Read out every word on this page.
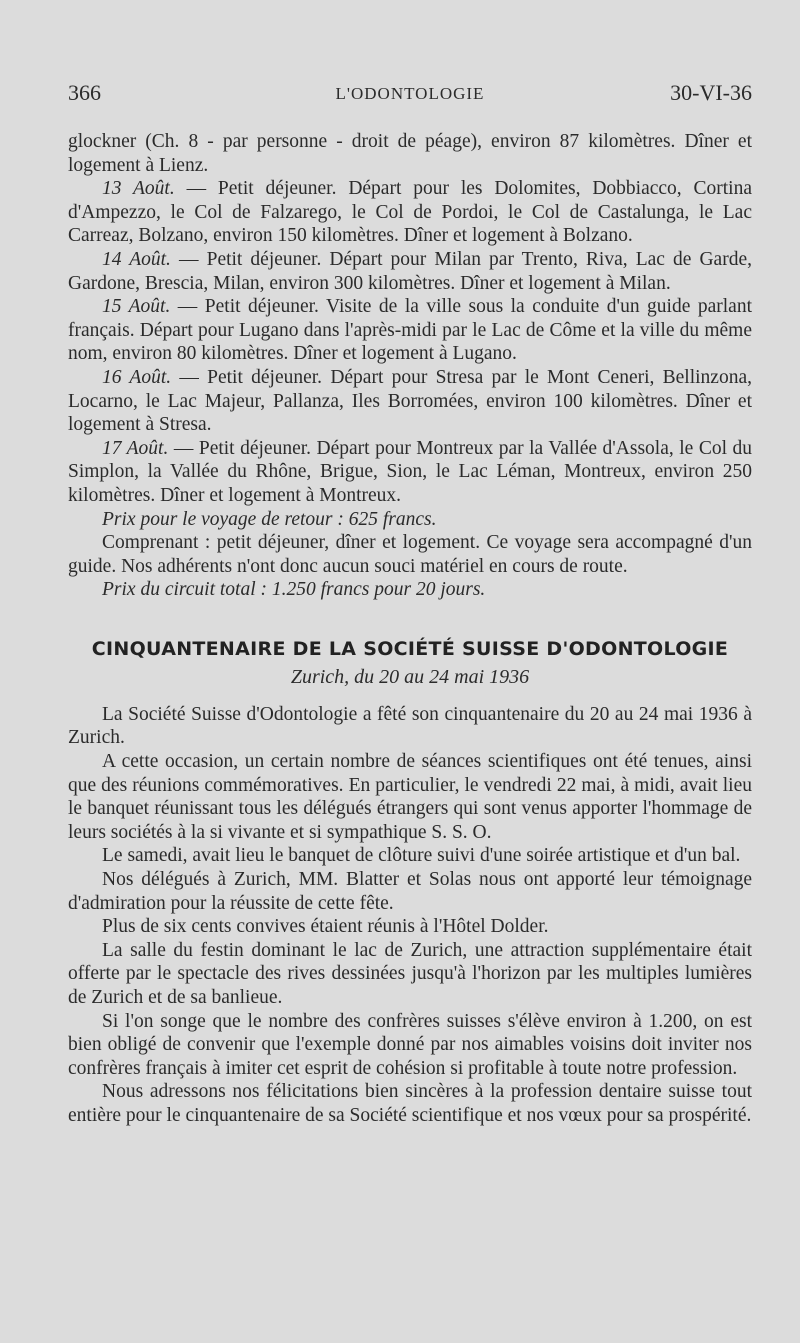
366	L'ODONTOLOGIE	30-VI-36

glockner (Ch. 8 - par personne - droit de péage), environ 87 kilomètres. Dîner et logement à Lienz.

13 Août. — Petit déjeuner. Départ pour les Dolomites, Dobbiacco, Cortina d'Ampezzo, le Col de Falzarego, le Col de Pordoi, le Col de Castalunga, le Lac Carreaz, Bolzano, environ 150 kilomètres. Dîner et logement à Bolzano.

14 Août. — Petit déjeuner. Départ pour Milan par Trento, Riva, Lac de Garde, Gardone, Brescia, Milan, environ 300 kilomètres. Dîner et logement à Milan.

15 Août. — Petit déjeuner. Visite de la ville sous la conduite d'un guide parlant français. Départ pour Lugano dans l'après-midi par le Lac de Côme et la ville du même nom, environ 80 kilomètres. Dîner et logement à Lugano.

16 Août. — Petit déjeuner. Départ pour Stresa par le Mont Ceneri, Bellinzona, Locarno, le Lac Majeur, Pallanza, Iles Borromées, environ 100 kilomètres. Dîner et logement à Stresa.

17 Août. — Petit déjeuner. Départ pour Montreux par la Vallée d'Assola, le Col du Simplon, la Vallée du Rhône, Brigue, Sion, le Lac Léman, Montreux, environ 250 kilomètres. Dîner et logement à Montreux.

Prix pour le voyage de retour : 625 francs.

Comprenant : petit déjeuner, dîner et logement. Ce voyage sera accompagné d'un guide. Nos adhérents n'ont donc aucun souci matériel en cours de route.

Prix du circuit total : 1.250 francs pour 20 jours.

CINQUANTENAIRE DE LA SOCIÉTÉ SUISSE D'ODONTOLOGIE
Zurich, du 20 au 24 mai 1936

La Société Suisse d'Odontologie a fêté son cinquantenaire du 20 au 24 mai 1936 à Zurich.

A cette occasion, un certain nombre de séances scientifiques ont été tenues, ainsi que des réunions commémoratives. En particulier, le vendredi 22 mai, à midi, avait lieu le banquet réunissant tous les délégués étrangers qui sont venus apporter l'hommage de leurs sociétés à la si vivante et si sympathique S. S. O.

Le samedi, avait lieu le banquet de clôture suivi d'une soirée artistique et d'un bal.

Nos délégués à Zurich, MM. Blatter et Solas nous ont apporté leur témoignage d'admiration pour la réussite de cette fête.

Plus de six cents convives étaient réunis à l'Hôtel Dolder.

La salle du festin dominant le lac de Zurich, une attraction supplémentaire était offerte par le spectacle des rives dessinées jusqu'à l'horizon par les multiples lumières de Zurich et de sa banlieue.

Si l'on songe que le nombre des confrères suisses s'élève environ à 1.200, on est bien obligé de convenir que l'exemple donné par nos aimables voisins doit inviter nos confrères français à imiter cet esprit de cohésion si profitable à toute notre profession.

Nous adressons nos félicitations bien sincères à la profession dentaire suisse tout entière pour le cinquantenaire de sa Société scientifique et nos vœux pour sa prospérité.
